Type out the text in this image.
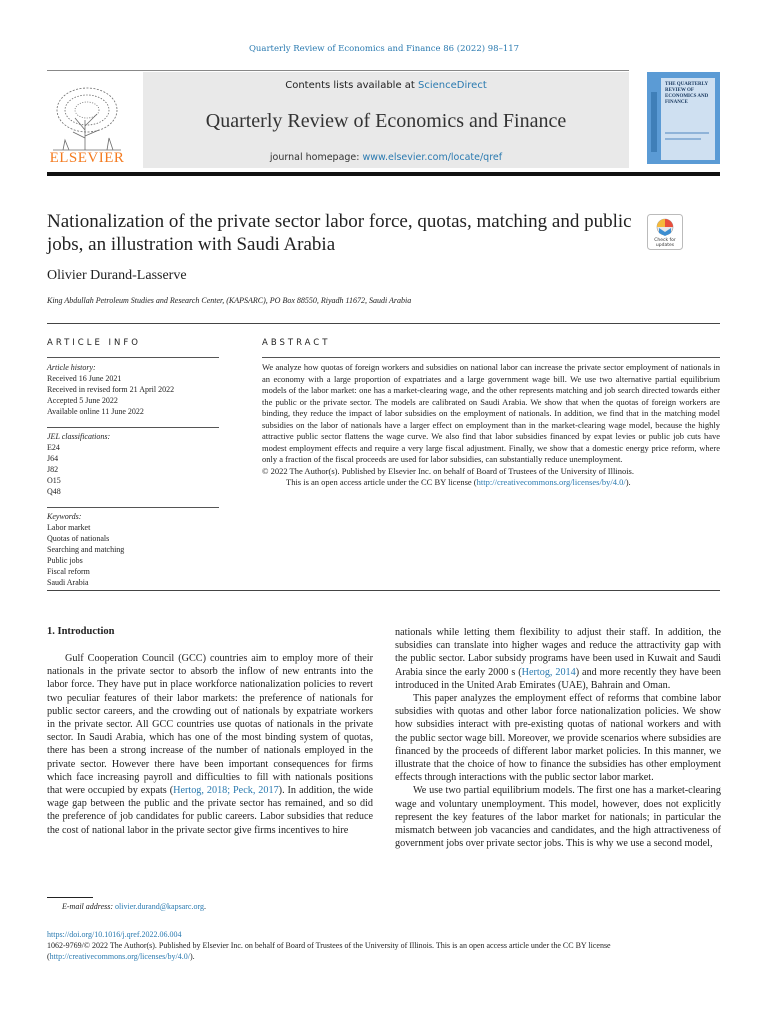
Quarterly Review of Economics and Finance 86 (2022) 98–117
ELSEVIER
Contents lists available at ScienceDirect
Quarterly Review of Economics and Finance
journal homepage: www.elsevier.com/locate/qref
THE QUARTERLY REVIEW OF ECONOMICS AND FINANCE
Nationalization of the private sector labor force, quotas, matching and public jobs, an illustration with Saudi Arabia	Check for updates
Olivier Durand-Lasserve
King Abdullah Petroleum Studies and Research Center, (KAPSARC), PO Box 88550, Riyadh 11672, Saudi Arabia
ARTICLE INFO
Article history:
Received 16 June 2021
Received in revised form 21 April 2022
Accepted 5 June 2022
Available online 11 June 2022
JEL classifications:
E24
J64
J82
O15
Q48
Keywords:
Labor market
Quotas of nationals
Searching and matching
Public jobs
Fiscal reform
Saudi Arabia
ABSTRACT

We analyze how quotas of foreign workers and subsidies on national labor can increase the private sector employment of nationals in an economy with a large proportion of expatriates and a large government wage bill. We use two alternative partial equilibrium models of the labor market: one has a market-clearing wage, and the other represents matching and job search directed towards either the public or the private sector. The models are calibrated on Saudi Arabia. We show that when the quotas of foreign workers are binding, they reduce the impact of labor subsidies on the employment of nationals. In addition, we find that in the matching model subsidies on the labor of nationals have a larger effect on employment than in the market-clearing wage model, because the highly attractive public sector flattens the wage curve. We also find that labor subsidies financed by expat levies or public job cuts have modest employment effects and require a very large fiscal adjustment. Finally, we show that a domestic energy price reform, where only a fraction of the fiscal proceeds are used for labor subsidies, can substantially reduce unemployment.

© 2022 The Author(s). Published by Elsevier Inc. on behalf of Board of Trustees of the University of Illinois.

This is an open access article under the CC BY license (http://creativecommons.org/licenses/by/4.0/).

1. Introduction

Gulf Cooperation Council (GCC) countries aim to employ more of their nationals in the private sector to absorb the inflow of new entrants into the labor force. They have put in place workforce nationalization policies to revert two peculiar features of their labor markets: the preference of nationals for public sector careers, and the crowding out of nationals by expatriate workers in the private sector. All GCC countries use quotas of nationals in the private sector. In Saudi Arabia, which has one of the most binding system of quotas, there has been a strong increase of the number of nationals employed in the private sector. However there have been important consequences for firms which face increasing payroll and difficulties to fill with nationals positions that were occupied by expats (Hertog, 2018; Peck, 2017). In addition, the wide wage gap between the public and the private sector has remained, and so did the preference of job candidates for public careers. Labor subsidies that reduce the cost of national labor in the private sector give firms incentives to hire

nationals while letting them flexibility to adjust their staff. In addition, the subsidies can translate into higher wages and reduce the attractivity gap with the public sector. Labor subsidy programs have been used in Kuwait and Saudi Arabia since the early 2000 s (Hertog, 2014) and more recently they have been introduced in the United Arab Emirates (UAE), Bahrain and Oman.

This paper analyzes the employment effect of reforms that combine labor subsidies with quotas and other labor force nationalization policies. We show how subsidies interact with pre-existing quotas of national workers and with the public sector wage bill. Moreover, we provide scenarios where subsidies are financed by the proceeds of different labor market policies. In this manner, we illustrate that the choice of how to finance the subsidies has other employment effects through interactions with the public sector labor market.

We use two partial equilibrium models. The first one has a market-clearing wage and voluntary unemployment. This model, however, does not explicitly represent the key features of the labor market for nationals; in particular the mismatch between job vacancies and candidates, and the high attractiveness of government jobs over private sector jobs. This is why we use a second model,

E-mail address: olivier.durand@kapsarc.org.
https://doi.org/10.1016/j.qref.2022.06.004
1062-9769/© 2022 The Author(s). Published by Elsevier Inc. on behalf of Board of Trustees of the University of Illinois. This is an open access article under the CC BY license (http://creativecommons.org/licenses/by/4.0/).
